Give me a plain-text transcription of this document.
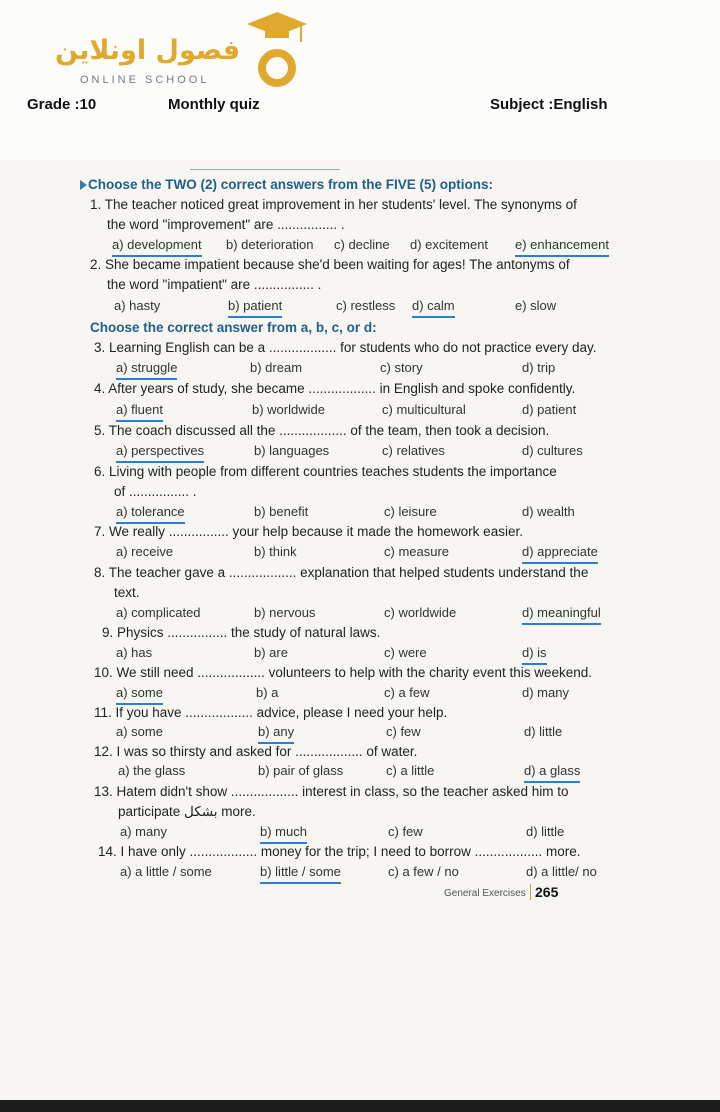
فصول اونلاين
ONLINE SCHOOL
Grade :10	Monthly quiz	Subject :English
Choose the TWO (2) correct answers from the FIVE (5) options:
1. The teacher noticed great improvement in her students' level. The synonyms of
the word "improvement" are ................ .
a) development b) deterioration c) decline d) excitement e) enhancement
2. She became impatient because she'd been waiting for ages! The antonyms of
the word "impatient" are ................ .
a) hasty	b) patient	c) restless d) calm	e) slow
Choose the correct answer from a, b, c, or d:
3. Learning English can be a .................. for students who do not practice every day.
a) struggle	b) dream	c) story	d) trip
4. After years of study, she became .................. in English and spoke confidently.
a) fluent	b) worldwide	c) multicultural	d) patient
5. The coach discussed all the .................. of the team, then took a decision.
a) perspectives	b) languages	c) relatives	d) cultures
6. Living with people from different countries teaches students the importance
of ................ .
a) tolerance	b) benefit	c) leisure	d) wealth
7. We really ................ your help because it made the homework easier.
a) receive	b) think	c) measure	d) appreciate
8. The teacher gave a .................. explanation that helped students understand the
text.
a) complicated	b) nervous	c) worldwide	d) meaningful
9. Physics ................ the study of natural laws.
a) has	b) are	c) were	d) is
10. We still need .................. volunteers to help with the charity event this weekend.
a) some	b) a	c) a few	d) many
11. If you have .................. advice, please I need your help.
a) some	b) any	c) few	d) little
12. I was so thirsty and asked for .................. of water.
a) the glass	b) pair of glass	c) a little	d) a glass
13. Hatem didn't show .................. interest in class, so the teacher asked him to
participate بشكل more.
a) many	b) much	c) few	d) little
14. I have only .................. money for the trip; I need to borrow .................. more.
a) a little / some	b) little / some	c) a few / no	d) a little/ no
General Exercises 265
